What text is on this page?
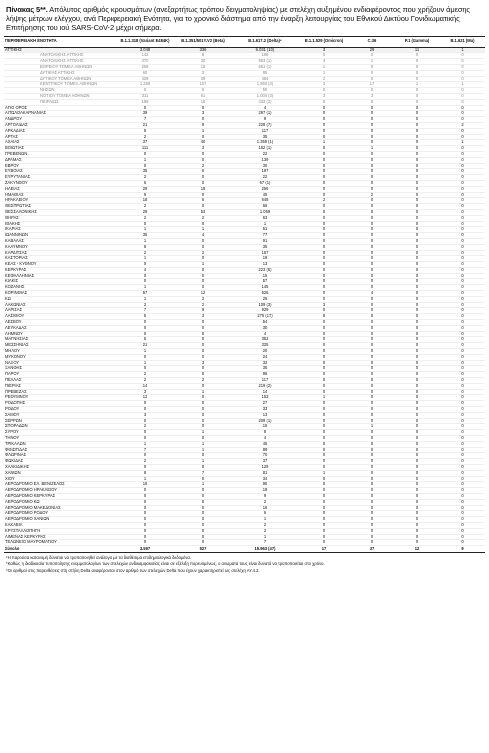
Πίνακας 5**. Απόλυτος αριθμός κρουσμάτων (ανεξαρτήτως τρόπου δειγματοληψίας) με στελέχη αυξημένου ενδιαφέροντος που χρήζουν άμεσης λήψης μέτρων ελέγχου, ανά Περιφερειακή Ενότητα, για το χρονικό διάστημα από την έναρξη λειτουργίας του Εθνικού Δικτύου Γονιδιωματικής Επιτήρησης του ιού SARS-CoV-2 μέχρι σήμερα.
ΠΕΡΙΦΕΡΕΙΑΚΗ ΕΝΟΤΗΤΑ	B.1.1.318 (Variant E484K)	B.1.351/501Y.V2 (Beta)	B.1.617.2 (Delta)⁶	B.1.1.529 (Omicron)	C.36	P.1 (Gamma)	B.1.621 (Mu)
ΑΤΤΙΚΗΣ	3.048	336	6.031 (10)	3	29	11	1
ΑΝΑΤΟΛΙΚΗΣ ΑΤΤΙΚΗΣ	142	8	198	0	0	0	0
ΑΝΑΤΟΛΙΚΗΣ ΑΤΤΙΚΗΣ	370	30	963 (1)	4	1	0	0
ΒΟΡΕΙΟΥ ΤΟΜΕΑ ΑΘΗΝΩΝ	268	18	651 (1)	1	9	0	0
ΔΥΤΙΚΗΣ ΑΤΤΙΚΗΣ	60	3	95	1	0	0	0
ΔΥΤΙΚΟΥ ΤΟΜΕΑ ΑΘΗΝΩΝ	429	39	484	2	0	0	0
ΚΕΝΤΡΙΚΟΥ ΤΟΜΕΑ ΑΘΗΝΩΝ	1.259	157	1.860 (3)	3	17	1	1
ΝΗΣΩΝ	5	0	50	0	0	0	0
ΝΟΤΙΟΥ ΤΟΜΕΑ ΑΘΗΝΩΝ	311	61	1.004 (3)	3	3	0	0
ΠΕΙΡΑΙΩΣ	198	18	432 (2)	0	0	0	0
ΑΓΙΟ ΟΡΟΣ	0	0	4	0	0	0	0
ΑΙΤΩΛΟΑΚΑΡΝΑΝΙΑΣ	39	3	297 (1)	0	0	0	0
ΑΝΔΡΟΥ	7	0	9	0	0	0	0
ΑΡΓΟΛΙΔΑΣ	21	9	228 (7)	0	0	0	2
ΑΡΚΑΔΙΑΣ	5	1	117	0	0	0	0
ΑΡΤΑΣ	2	0	35	0	0	0	0
ΑΧΑΪΑΣ	37	40	1.359 (1)	1	0	0	1
ΒΟΙΩΤΙΑΣ	111	3	152 (1)	0	1	0	0
ΓΡΕΒΕΝΩΝ	0	0	22	0	0	0	0
ΔΡΑΜΑΣ	1	0	139	0	0	0	0
ΕΒΡΟΥ	0	2	30	0	0	0	0
ΕΥΒΟΙΑΣ	35	6	197	0	0	0	0
ΕΥΡΥΤΑΝΙΑΣ	2	0	22	0	0	0	0
ΖΑΚΥΝΘΟΥ	6	0	67 (1)	0	0	0	0
ΗΛΕΙΑΣ	29	19	256	0	0	0	0
ΗΜΑΘΙΑΣ	9	0	45	0	2	0	0
ΗΡΑΚΛΕΙΟΥ	18	6	648	2	0	0	0
ΘΕΣΠΡΩΤΙΑΣ	2	0	66	0	0	0	0
ΘΕΣΣΑΛΟΝΙΚΗΣ	29	53	1.059	0	0	0	0
ΘΗΡΑΣ	2	2	63	0	0	0	0
ΙΘΑΚΗΣ	0	0	1	0	0	0	0
ΙΚΑΡΙΑΣ	1	1	51	0	0	0	0
ΙΩΑΝΝΙΝΩΝ	35	4	77	0	0	0	0
ΚΑΒΑΛΑΣ	1	0	91	0	0	0	0
ΚΑΛΥΜΝΟΥ	8	0	35	0	0	0	0
ΚΑΡΔΙΤΣΑΣ	2	2	157	0	0	0	0
ΚΑΣΤΟΡΙΑΣ	1	0	19	0	0	0	0
ΚΕΑΣ - ΚΥΘΝΟΥ	0	1	13	0	0	0	0
ΚΕΡΚΥΡΑΣ	4	0	223 (5)	0	0	0	0
ΚΕΦΑΛΛΗΝΙΑΣ	0	0	15	0	0	0	0
ΚΙΛΚΙΣ	0	0	57	0	0	0	0
ΚΟΖΑΝΗΣ	1	0	145	0	0	0	0
ΚΟΡΙΝΘΙΑΣ	57	12	526	0	4	0	0
ΚΩ	1	2	25	0	0	0	0
ΛΑΚΩΝΙΑΣ	2	2	109 (3)	3	0	0	0
ΛΑΡΙΣΑΣ	7	9	929	0	0	0	0
ΛΑΣΙΘΙΟΥ	5	3	275 (17)	8	0	0	0
ΛΕΣΒΟΥ	0	0	54	0	0	0	0
ΛΕΥΚΑΔΑΣ	0	0	30	0	0	0	0
ΛΗΜΝΟΥ	0	0	4	0	0	0	0
ΜΑΓΝΗΣΙΑΣ	5	0	352	0	0	0	0
ΜΕΣΣΗΝΙΑΣ	21	0	325	0	0	0	0
ΜΗΛΟΥ	1	0	20	0	0	0	0
ΜΥΚΟΝΟΥ	0	0	24	0	0	0	0
ΝΑΞΟΥ	1	3	32	0	0	0	0
ΞΑΝΘΗΣ	0	0	35	0	0	0	0
ΠΑΡΟΥ	2	0	96	0	0	0	0
ΠΕΛΛΑΣ	2	2	117	0	0	0	0
ΠΙΕΡΙΑΣ	14	0	219 (2)	0	0	0	0
ΠΡΕΒΕΖΑΣ	3	1	14	0	0	0	0
ΡΕΘΥΜΝΟΥ	12	0	153	1	0	0	0
ΡΟΔΟΠΗΣ	0	0	27	0	0	0	0
ΡΟΔΟΥ	0	0	33	0	0	0	0
ΣΑΜΟΥ	3	0	13	0	0	0	0
ΣΕΡΡΩΝ	0	0	209 (1)	0	0	0	0
ΣΠΟΡΑΔΩΝ	2	0	15	0	1	0	0
ΣΥΡΟΥ	0	1	8	0	0	0	0
ΤΗΝΟΥ	0	0	4	0	0	0	0
ΤΡΙΚΑΛΩΝ	1	1	45	0	0	0	0
ΦΘΙΩΤΙΔΑΣ	7	1	89	0	0	0	0
ΦΛΩΡΙΝΑΣ	0	0	70	0	0	0	0
ΦΩΚΙΔΑΣ	2	1	37	0	0	0	0
ΧΑΛΚΙΔΙΚΗΣ	0	0	129	0	0	0	0
ΧΑΝΙΩΝ	8	7	81	1	0	0	0
ΧΙΟΥ	1	0	34	0	0	0	0
ΑΕΡΟΔΡΟΜΙΟ ΕΛ. ΒΕΝΙΖΕΛΟΣ	18	1	95	0	0	0	0
ΑΕΡΟΔΡΟΜΙΟ ΗΡΑΚΛΕΙΟΥ	0	0	18	0	0	0	0
ΑΕΡΟΔΡΟΜΙΟ ΚΕΡΚΥΡΑΣ	0	0	9	0	0	0	0
ΑΕΡΟΔΡΟΜΙΟ ΚΩ	0	0	2	0	0	0	0
ΑΕΡΟΔΡΟΜΙΟ ΜΑΚΕΔΟΝΙΑΣ	0	0	16	0	0	0	0
ΑΕΡΟΔΡΟΜΙΟ ΡΟΔΟΥ	0	0	6	0	0	0	0
ΑΕΡΟΔΡΟΜΙΟ ΧΑΝΙΩΝ	0	0	1	0	0	0	0
ΚΑΚΑΒΙΑ	0	0	2	0	0	0	0
ΚΡΥΣΤΑΛΛΟΠΗΓΗ	0	0	2	0	0	0	0
ΛΙΜΕΝΑΣ ΚΕΡΚΥΡΑΣ	0	0	1	0	0	0	0
ΤΕΛΩΝΕΙΟ ΜΑΥΡΟΜΑΤΙΟΥ	0	0	7	0	0	0	0
Σύνολο	3.597	527	15.963 (47)	17	37	12	9
⁵Η παρούσα κατανομή δύναται να τροποποιηθεί ανάλογα με τα διαθέσιμα επιδημιολογικά δεδομένα.
*Καθώς η διαδικασία τυποποίησης ενυμματολογίων των στελεχών ανδικαμφοκισίας είναι σε εξέλιξη πορευομένως, ο ανωματα τους είναι δυνατό να τροποποιείται στο χρόνο.
⁶Οι αριθμοί στις παρενθέσεις στη στήλη Delta αναφέρονται στον αριθμό των στελεχών Delta που έχουν χαρακτηριστεί ως στελέχη ΑΥ.4.2.
